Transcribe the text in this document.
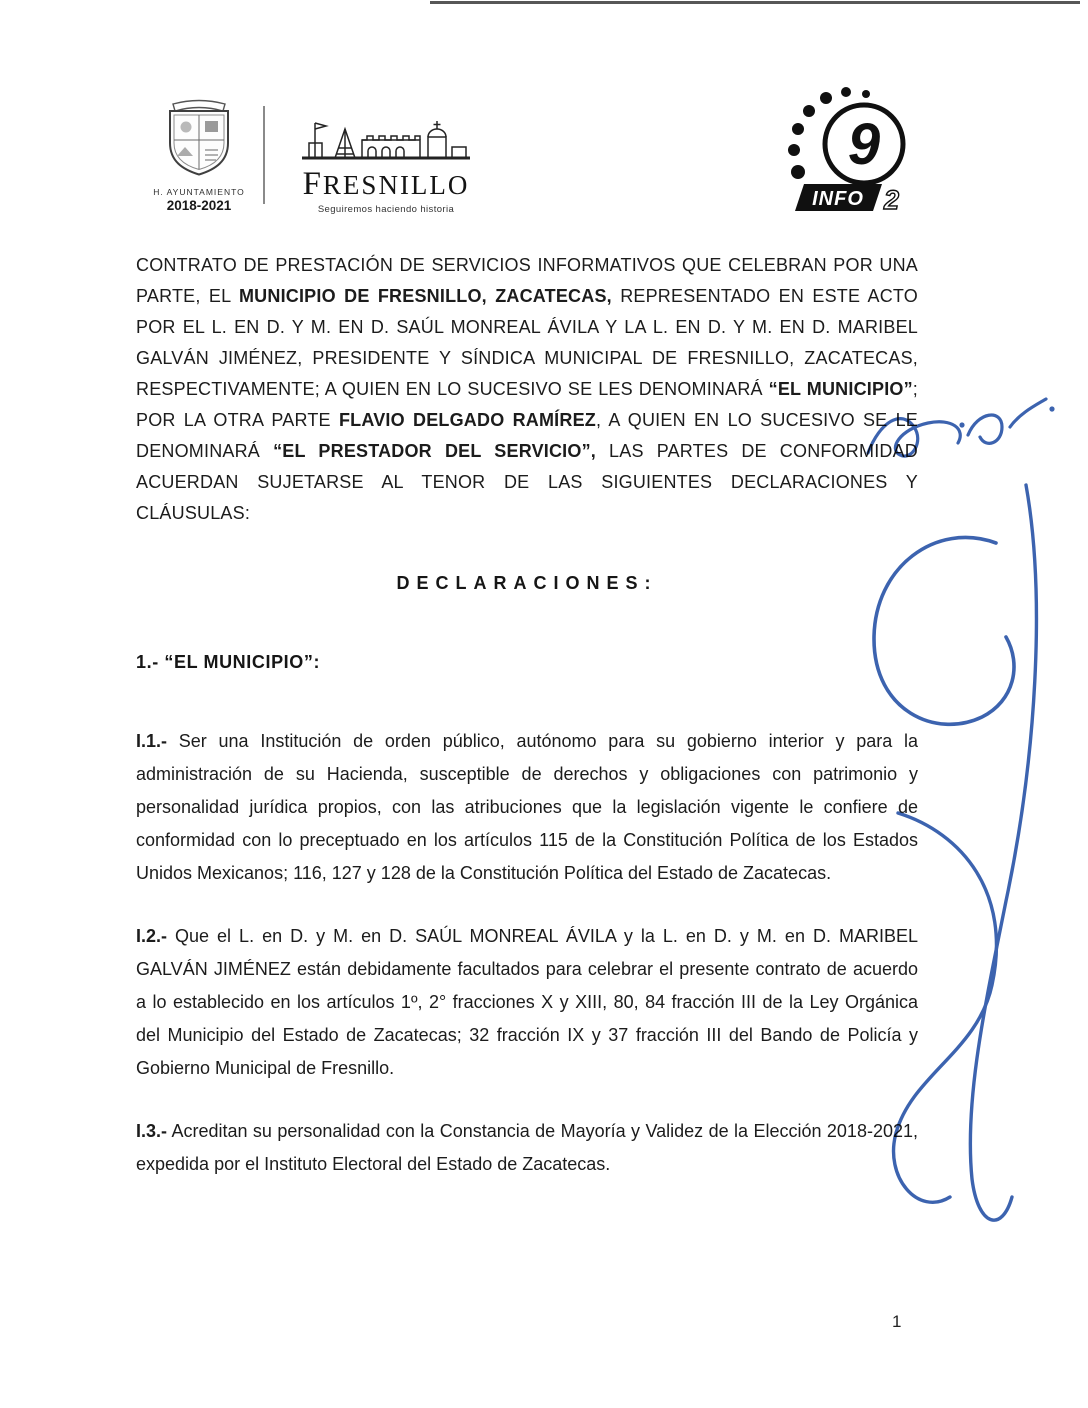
H. AYUNTAMIENTO
2018-2021
FRESNILLO
Seguiremos haciendo historia
9
INFO 2

CONTRATO DE PRESTACIÓN DE SERVICIOS INFORMATIVOS QUE CELEBRAN POR UNA PARTE, EL MUNICIPIO DE FRESNILLO, ZACATECAS, REPRESENTADO EN ESTE ACTO POR EL L. EN D. Y M. EN D. SAÚL MONREAL ÁVILA Y LA L. EN D. Y M. EN D. MARIBEL GALVÁN JIMÉNEZ, PRESIDENTE Y SÍNDICA MUNICIPAL DE FRESNILLO, ZACATECAS, RESPECTIVAMENTE; A QUIEN EN LO SUCESIVO SE LES DENOMINARÁ “EL MUNICIPIO”; POR LA OTRA PARTE FLAVIO DELGADO RAMÍREZ, A QUIEN EN LO SUCESIVO SE LE DENOMINARÁ “EL PRESTADOR DEL SERVICIO”, LAS PARTES DE CONFORMIDAD ACUERDAN SUJETARSE AL TENOR DE LAS SIGUIENTES DECLARACIONES Y CLÁUSULAS:

DECLARACIONES:
1.- “EL MUNICIPIO”:

I.1.- Ser una Institución de orden público, autónomo para su gobierno interior y para la administración de su Hacienda, susceptible de derechos y obligaciones con patrimonio y personalidad jurídica propios, con las atribuciones que la legislación vigente le confiere de conformidad con lo preceptuado en los artículos 115 de la Constitución Política de los Estados Unidos Mexicanos; 116, 127 y 128 de la Constitución Política del Estado de Zacatecas.

I.2.- Que el L. en D. y M. en D. SAÚL MONREAL ÁVILA y la L. en D. y M. en D. MARIBEL GALVÁN JIMÉNEZ están debidamente facultados para celebrar el presente contrato de acuerdo a lo establecido en los artículos 1º, 2° fracciones X y XIII, 80, 84 fracción III de la Ley Orgánica del Municipio del Estado de Zacatecas; 32 fracción IX y 37 fracción III del Bando de Policía y Gobierno Municipal de Fresnillo.

I.3.- Acreditan su personalidad con la Constancia de Mayoría y Validez de la Elección 2018-2021, expedida por el Instituto Electoral del Estado de Zacatecas.

1
